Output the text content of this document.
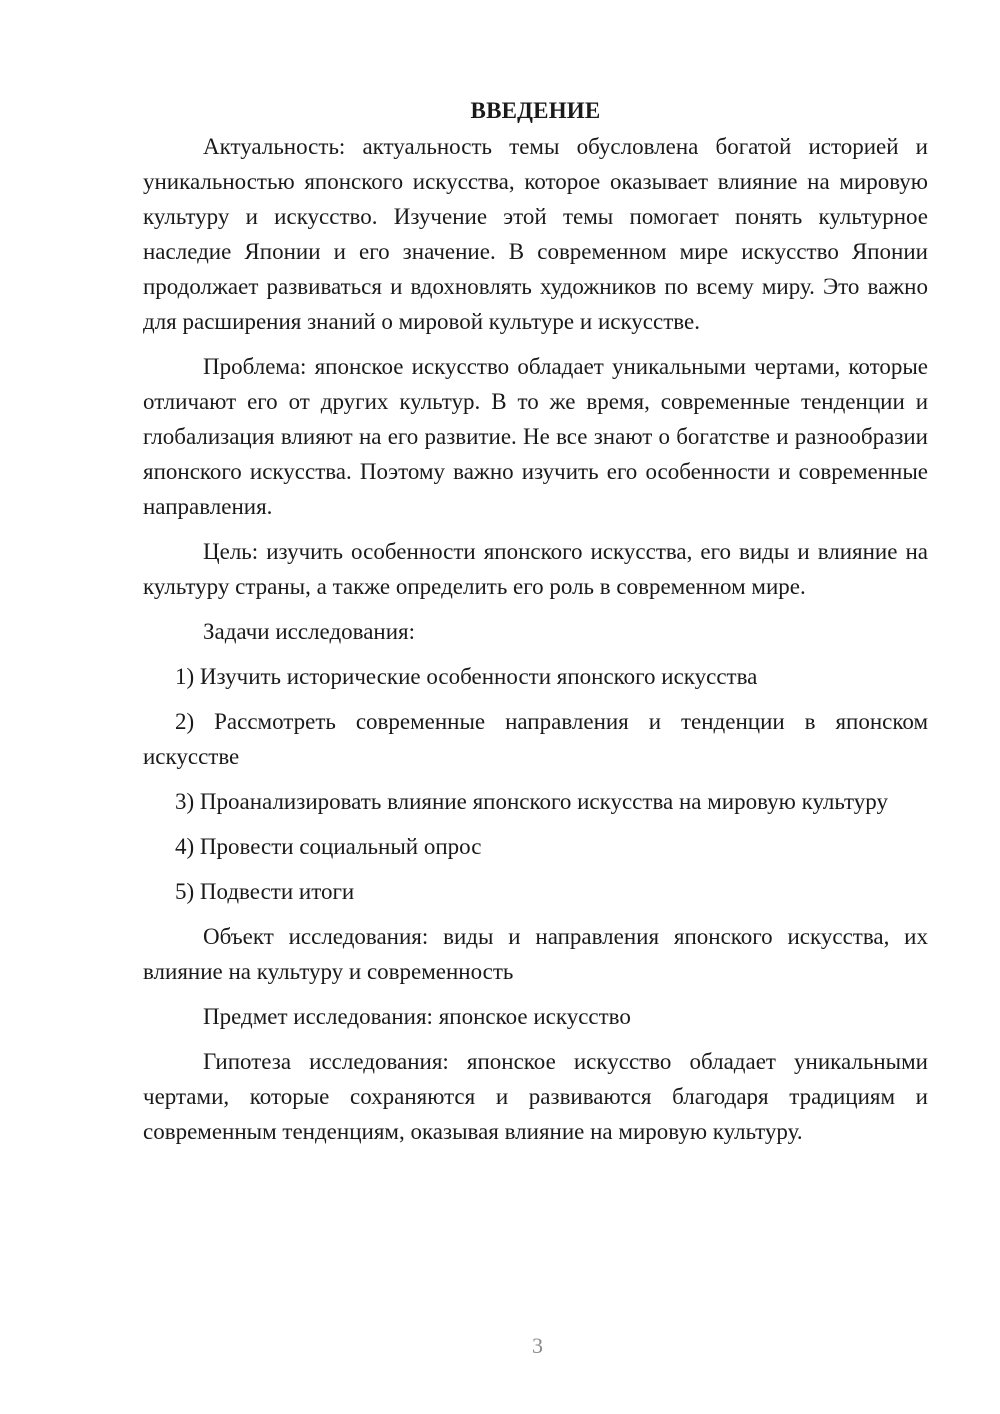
ВВЕДЕНИЕ

Актуальность: актуальность темы обусловлена богатой историей и уникальностью японского искусства, которое оказывает влияние на мировую культуру и искусство. Изучение этой темы помогает понять культурное наследие Японии и его значение. В современном мире искусство Японии продолжает развиваться и вдохновлять художников по всему миру. Это важно для расширения знаний о мировой культуре и искусстве.

Проблема: японское искусство обладает уникальными чертами, которые отличают его от других культур. В то же время, современные тенденции и глобализация влияют на его развитие. Не все знают о богатстве и разнообразии японского искусства. Поэтому важно изучить его особенности и современные направления.

Цель: изучить особенности японского искусства, его виды и влияние на культуру страны, а также определить его роль в современном мире.

Задачи исследования:

1) Изучить исторические особенности японского искусства

2) Рассмотреть современные направления и тенденции в японском искусстве

3) Проанализировать влияние японского искусства на мировую культуру

4) Провести социальный опрос

5) Подвести итоги

Объект исследования: виды и направления японского искусства, их влияние на культуру и современность

Предмет исследования: японское искусство

Гипотеза исследования: японское искусство обладает уникальными чертами, которые сохраняются и развиваются благодаря традициям и современным тенденциям, оказывая влияние на мировую культуру.

3
